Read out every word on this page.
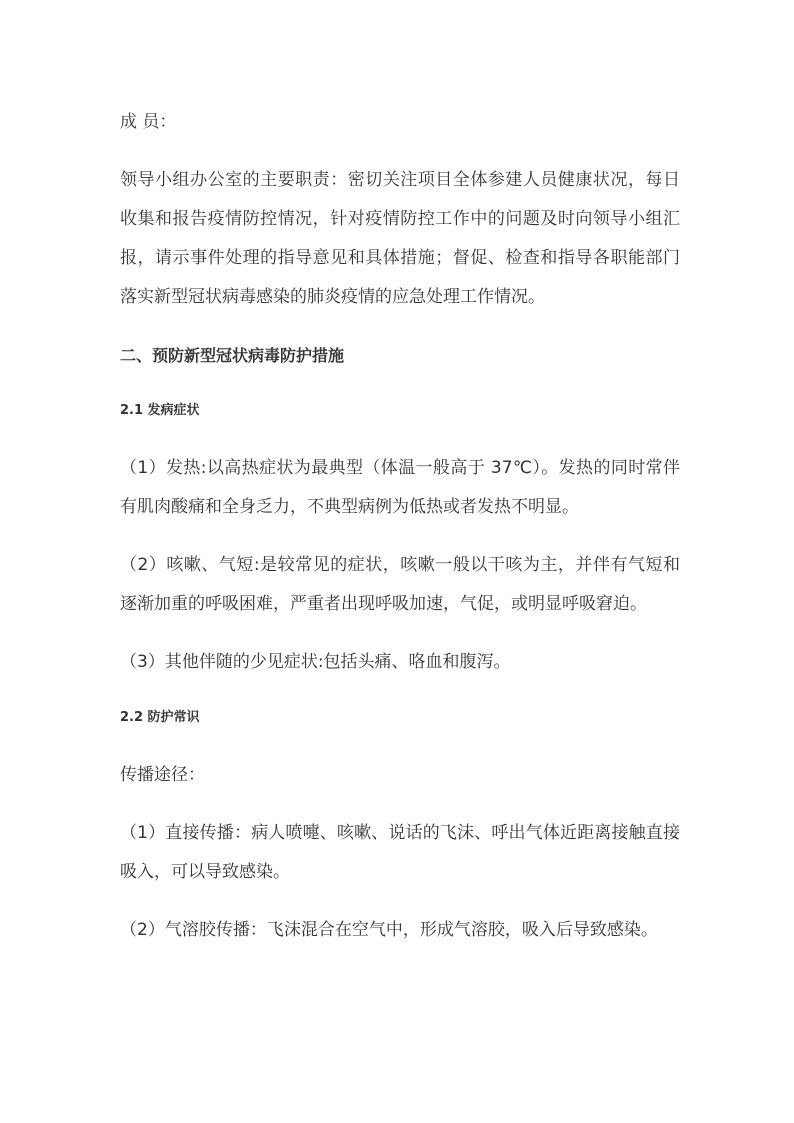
成 员：

领导小组办公室的主要职责：密切关注项目全体参建人员健康状况，每日收集和报告疫情防控情况，针对疫情防控工作中的问题及时向领导小组汇报，请示事件处理的指导意见和具体措施；督促、检查和指导各职能部门落实新型冠状病毒感染的肺炎疫情的应急处理工作情况。

二、预防新型冠状病毒防护措施

2.1 发病症状

（1）发热:以高热症状为最典型（体温一般高于 37℃）。发热的同时常伴有肌肉酸痛和全身乏力，不典型病例为低热或者发热不明显。

（2）咳嗽、气短:是较常见的症状，咳嗽一般以干咳为主，并伴有气短和逐渐加重的呼吸困难，严重者出现呼吸加速，气促，或明显呼吸窘迫。

（3）其他伴随的少见症状:包括头痛、咯血和腹泻。

2.2 防护常识

传播途径：

（1）直接传播：病人喷嚏、咳嗽、说话的飞沫、呼出气体近距离接触直接吸入，可以导致感染。

（2）气溶胶传播：飞沫混合在空气中，形成气溶胶，吸入后导致感染。
